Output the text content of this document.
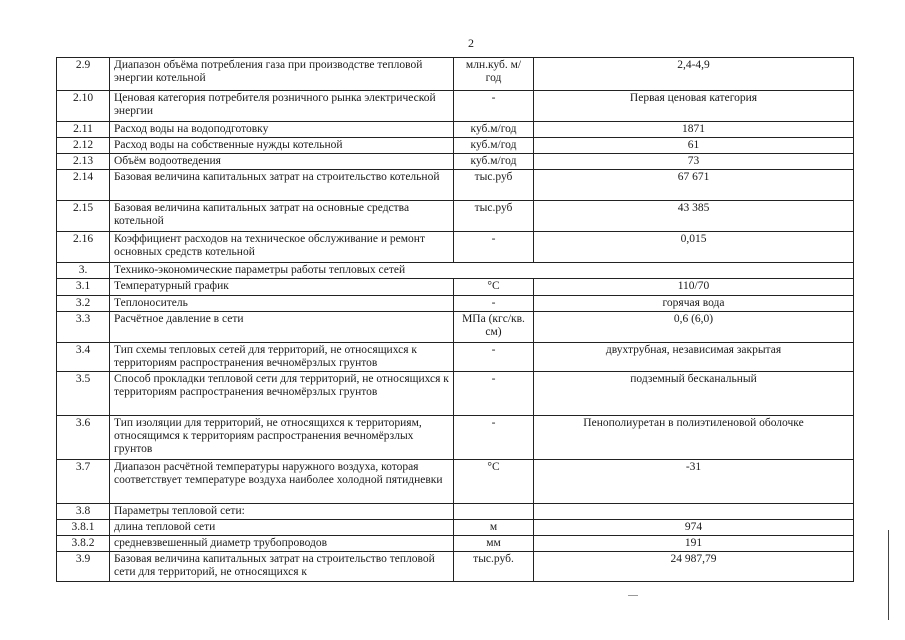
2
2.9	Диапазон объёма потребления газа при производстве тепловой энергии котельной	млн.куб. м/ год	2,4-4,9
2.10	Ценовая категория потребителя розничного рынка электрической энергии	-	Первая ценовая категория
2.11	Расход воды на водоподготовку	куб.м/год	1871
2.12	Расход воды на собственные нужды котельной	куб.м/год	61
2.13	Объём водоотведения	куб.м/год	73
2.14	Базовая величина капитальных затрат на строительство котельной	тыс.руб	67 671
2.15	Базовая величина капитальных затрат на основные средства котельной	тыс.руб	43 385
2.16	Коэффициент расходов на техническое обслуживание и ремонт основных средств котельной	-	0,015
3.	Технико-экономические параметры работы тепловых сетей		
3.1	Температурный график	°С	110/70
3.2	Теплоноситель	-	горячая вода
3.3	Расчётное давление в сети	МПа (кгс/кв. см)	0,6 (6,0)
3.4	Тип схемы тепловых сетей для территорий, не относящихся к территориям распространения вечномёрзлых грунтов	-	двухтрубная, независимая закрытая
3.5	Способ прокладки тепловой сети для территорий, не относящихся к территориям распространения вечномёрзлых грунтов	-	подземный бесканальный
3.6	Тип изоляции для территорий, не относящихся к территориям, относящимся к территориям распространения вечномёрзлых грунтов	-	Пенополиуретан в полиэтиленовой оболочке
3.7	Диапазон расчётной температуры наружного воздуха, которая соответствует температуре воздуха наиболее холодной пятидневки	°С	-31
3.8	Параметры тепловой сети:		
3.8.1	длина тепловой сети	м	974
3.8.2	средневзвешенный диаметр трубопроводов	мм	191
3.9	Базовая величина капитальных затрат на строительство тепловой сети для территорий, не относящихся к	тыс.руб.	24 987,79
